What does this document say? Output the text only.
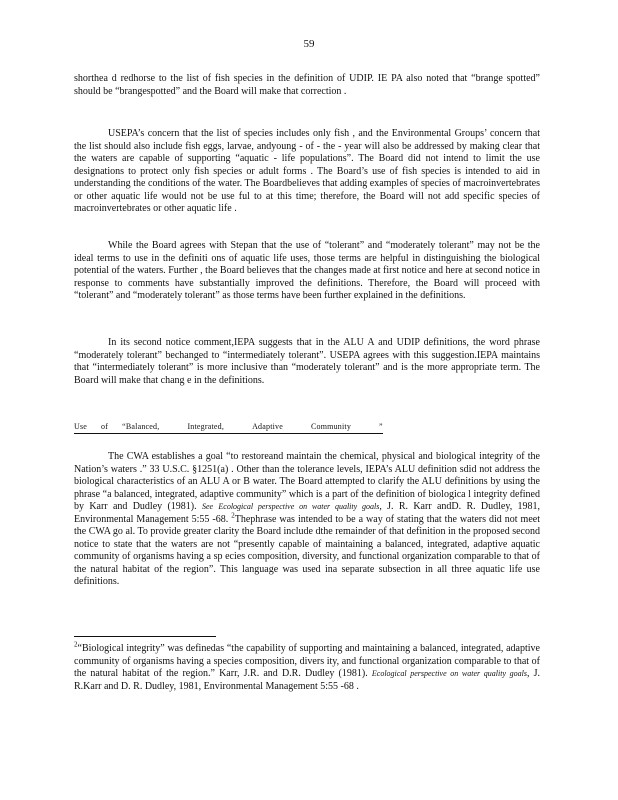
59

shorthea d redhorse to the list of fish species in the definition of UDIP. IE PA also noted that “brange spotted” should be “brangespotted” and the Board will make that correction .

USEPA’s concern that the list of species includes only fish , and the Environmental Groups’ concern that the list should also include fish eggs, larvae, andyoung - of - the - year will also be addressed by making clear that the waters are capable of supporting “aquatic - life populations”. The Board did not intend to limit the use designations to protect only fish species or adult forms . The Board’s use of fish species is intended to aid in understanding the conditions of the water. The Boardbelieves that adding examples of species of macroinvertebrates or other aquatic life would not be use ful to at this time; therefore, the Board will not add specific species of macroinvertebrates or other aquatic life .

While the Board agrees with Stepan that the use of “tolerant” and “moderately tolerant” may not be the ideal terms to use in the definiti ons of aquatic life uses, those terms are helpful in distinguishing the biological potential of the waters. Further , the Board believes that the changes made at first notice and here at second notice in response to comments have substantially improved the definitions. Therefore, the Board will proceed with “tolerant” and “moderately tolerant” as those terms have been further explained in the definitions.

In its second notice comment,IEPA suggests that in the ALU A and UDIP definitions, the word phrase “moderately tolerant” bechanged to “intermediately tolerant”. USEPA agrees with this suggestion.IEPA maintains that “intermediately tolerant” is more inclusive than “moderately tolerant” and is the more appropriate term. The Board will make that chang e in the definitions.

Use of “Balanced,	Integrated,	Adaptive	Community	”

The CWA establishes a goal “to restoreand maintain the chemical, physical and biological integrity of the Nation’s waters .” 33 U.S.C. §1251(a) . Other than the tolerance levels, IEPA’s ALU definition sdid not address the biological characteristics of an ALU A or B water. The Board attempted to clarify the ALU definitions by using the phrase “a balanced, integrated, adaptive community” which is a part of the definition of biologica l integrity defined by Karr and Dudley (1981). See Ecological perspective on water quality goals, J. R. Karr andD. R. Dudley, 1981, Environmental Management 5:55 -68. $^2$Thephrase was intended to be a way of stating that the waters did not meet the CWA go al. To provide greater clarity the Board include dthe remainder of that definition in the proposed second notice to state that the waters are not “presently capable of maintaining a balanced, integrated, adaptive aquatic community of organisms having a sp ecies composition, diversity, and functional organization comparable to that of the natural habitat of the region”. This language was used ina separate subsection in all three aquatic life use definitions.

$^2$“Biological integrity” was definedas “the capability of supporting and maintaining a balanced, integrated, adaptive community of organisms having a species composition, divers ity, and functional organization comparable to that of the natural habitat of the region.” Karr, J.R. and D.R. Dudley (1981). Ecological perspective on water quality goals, J. R.Karr and D. R. Dudley, 1981, Environmental Management 5:55 -68 .
